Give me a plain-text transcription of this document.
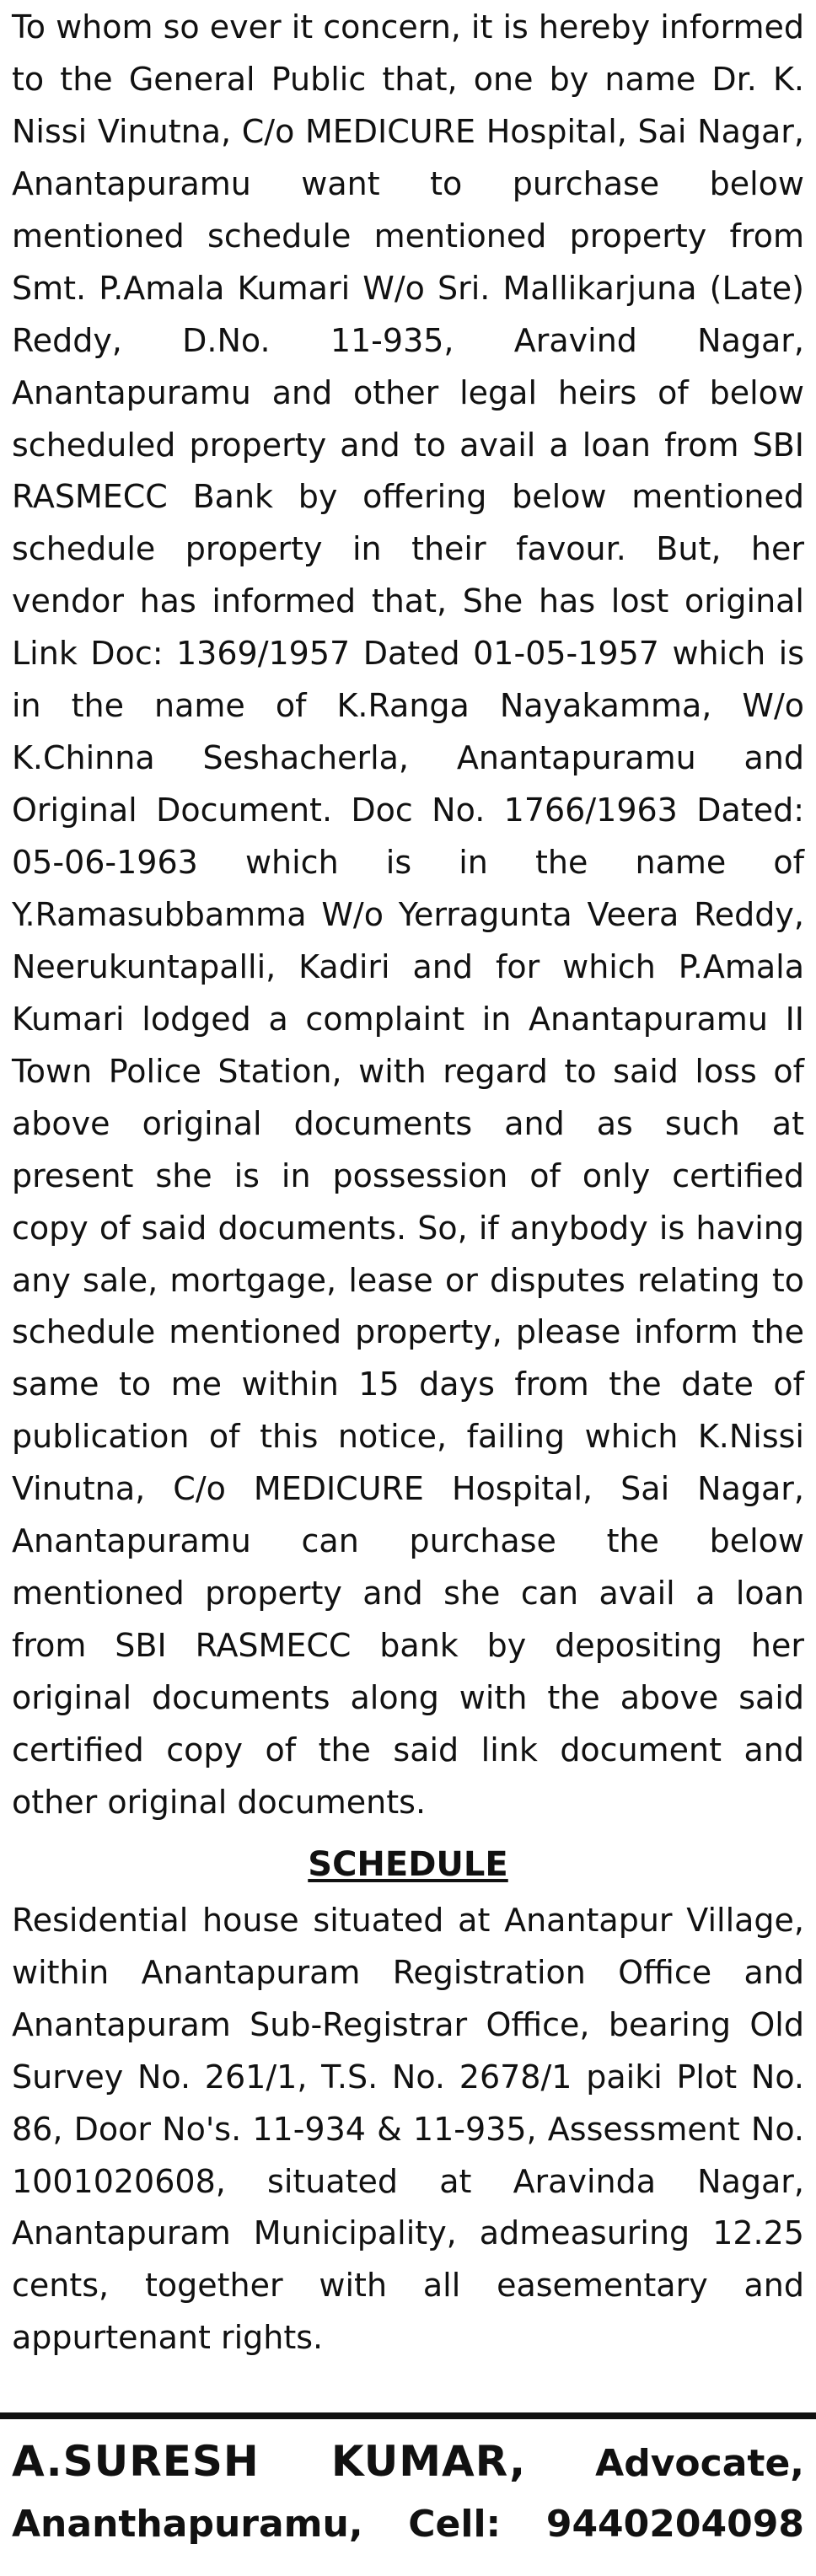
To whom so ever it concern, it is hereby informed to the General Public that, one by name Dr. K. Nissi Vinutna, C/o MEDICURE Hospital, Sai Nagar, Anantapuramu want to purchase below mentioned schedule mentioned property from Smt. P.Amala Kumari W/o Sri. Mallikarjuna (Late) Reddy, D.No. 11-935, Aravind Nagar, Anantapuramu and other legal heirs of below scheduled property and to avail a loan from SBI RASMECC Bank by offering below mentioned schedule property in their favour. But, her vendor has informed that, She has lost original Link Doc: 1369/1957 Dated 01-05-1957 which is in the name of K.Ranga Nayakamma, W/o K.Chinna Seshacherla, Anantapuramu and Original Document. Doc No. 1766/1963 Dated: 05-06-1963 which is in the name of Y.Ramasubbamma W/o Yerragunta Veera Reddy, Neerukuntapalli, Kadiri and for which P.Amala Kumari lodged a complaint in Anantapuramu II Town Police Station, with regard to said loss of above original documents and as such at present she is in possession of only certified copy of said documents. So, if anybody is having any sale, mortgage, lease or disputes relating to schedule mentioned property, please inform the same to me within 15 days from the date of publication of this notice, failing which K.Nissi Vinutna, C/o MEDICURE Hospital, Sai Nagar, Anantapuramu can purchase the below mentioned property and she can avail a loan from SBI RASMECC bank by depositing her original documents along with the above said certified copy of the said link document and other original documents.

SCHEDULE

Residential house situated at Anantapur Village, within Anantapuram Registration Office and Anantapuram Sub-Registrar Office, bearing Old Survey No. 261/1, T.S. No. 2678/1 paiki Plot No. 86, Door No's. 11-934 & 11-935, Assessment No. 1001020608, situated at Aravinda Nagar, Anantapuram Municipality, admeasuring 12.25 cents, together with all easementary and appurtenant rights.

A.SURESH KUMAR, Advocate,

Ananthapuramu, Cell: 9440204098
